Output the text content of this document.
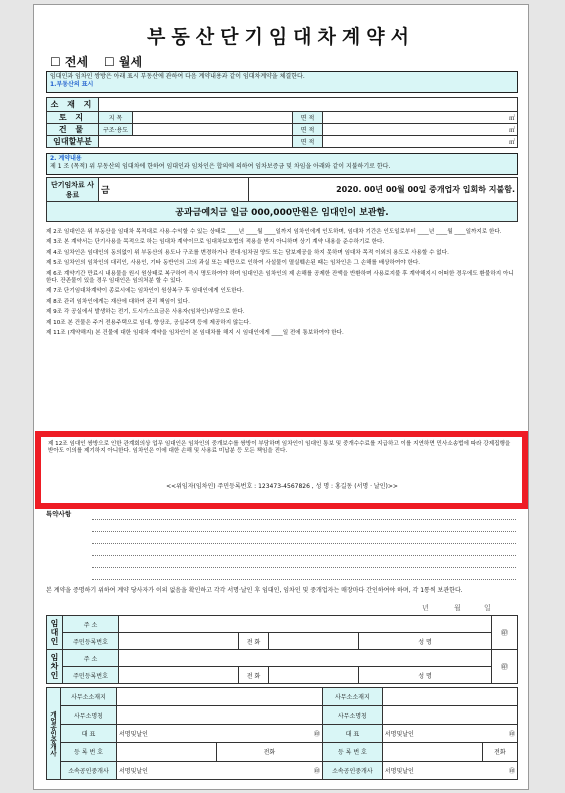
부동산단기임대차계약서
☐ 전세 ☐ 월세
임대인과 임차인 쌍방은 아래 표시 부동산에 관하여 다음 계약내용과 같이 임대차계약을 체결한다.
1.부동산의 표시
소 재 지				
토 지	지 목		면 적	㎡
건 물	구조·용도		면 적	㎡
임대할부분			면 적	㎡
2. 계약내용
제 1 조 (목적) 위 부동산의 임대차에 한하여 임대인과 임차인은 합의에 의하여 임차보증금 및 차임을 아래와 같이 지불하기로 한다.
단기임차료 사용료	금	2020. 00년 00월 00일 중개업자 입회하 지불함.
공과금예치금 일금 000,000만원은 임대인이 보관함.
제 2조 임대인은 위 부동산을 임대차 목적대로 사용·수익할 수 있는 상태로 ____년 ____월 ____일까지 임차인에게 인도하며, 임대차 기간은 인도일로부터 ____년 ____월 ____일까지로 한다.
제 3조 본 계약서는 단기사용을 목적으로 하는 임대차 계약이므로 임대차보호법의 적용을 받지 아니하며 상기 계약 내용을 준수하기로 한다.
제 4조 임차인은 임대인의 동의없이 위 부동산의 용도나 구조를 변경하거나 전대·임차권 양도 또는 담보제공을 하지 못하며 임대차 목적 이외의 용도로 사용할 수 없다.
제 5조 임차인의 임차인의 대리인, 사용인, 기타 동반인의 고의 과실 또는 태만으로 인하여 사설물이 멸실훼손된 때는 임차인은 그 손해를 배상하여야 한다.
제 6조 계약기간 만료시 내용물을 원시 원상태로 복구하여 즉시 명도하여야 하며 임대인은 임차인의 제 손해를 공제한 잔액을 반환하며 사용료지불 후 계약해지시 어떠한 경우에도 환불하지 아니한다. 잔존물이 있을 경우 임대인은 임의처분 할 수 있다.
제 7조 단기임대차계약이 종료시에는 임차인이 원상복구 후 임대인에게 인도한다.
제 8조 관리 임차인에게는 재산에 대하여 관리 책임이 있다.
제 9조 각 공실에서 발생하는 전기, 도시가스요금은 사용자(임차인)부담으로 한다.
제 10조 본 건물은 주거 전용주택으로 임대, 향상조, 공실주택 등에 제공하지 않는다.
제 11조 (계약해지) 본 건물에 대한 임대차 계약을 임차인이 본 임대차를 해지 시 임대인에게 ____일 전에 통보하여야 한다.
제 12조 임대인 쌍방으로 인한 관계회의상 업무 임대인은 임차인의 중개보수를 쌍방이 부담하며 임차인이 임대인 통보 및 중개수수료를 지급하고 이를 지연하면 민사소송법에 따라 강제집행을 받아도 이의를 제기하지 아니한다. 임차인은 이에 대한 손해 및 사용료 미납분 등 모든 책임을 진다.
<<위임자(임차인) 주민등록번호 : 123473-4567826 , 성 명 : 홍길동 (서명 · 날인)>>
특약사항
본 계약을 증명하기 위하여 계약 당사자가 이의 없음을 확인하고 각각 서명·날인 후 임대인, 임차인 및 중개업자는 매장마다 간인하여야 하며, 각 1통씩 보관한다.
년	월	일
임대인	주 소					㊞
	주민등록번호		전 화		성 명	
임차인	주 소					㊞
	주민등록번호		전 화		성 명	
개업공인중개사	사무소소재지			사무소소재지		
	사무소명칭			사무소명칭		
	대 표	서명및날인 ㊞		대 표	서명및날인 ㊞	

	등 록 번 호		전화	등 록 번 호		전화
	소속공인중개사	서명및날인 ㊞		소속공인중개사	서명및날인 ㊞	
